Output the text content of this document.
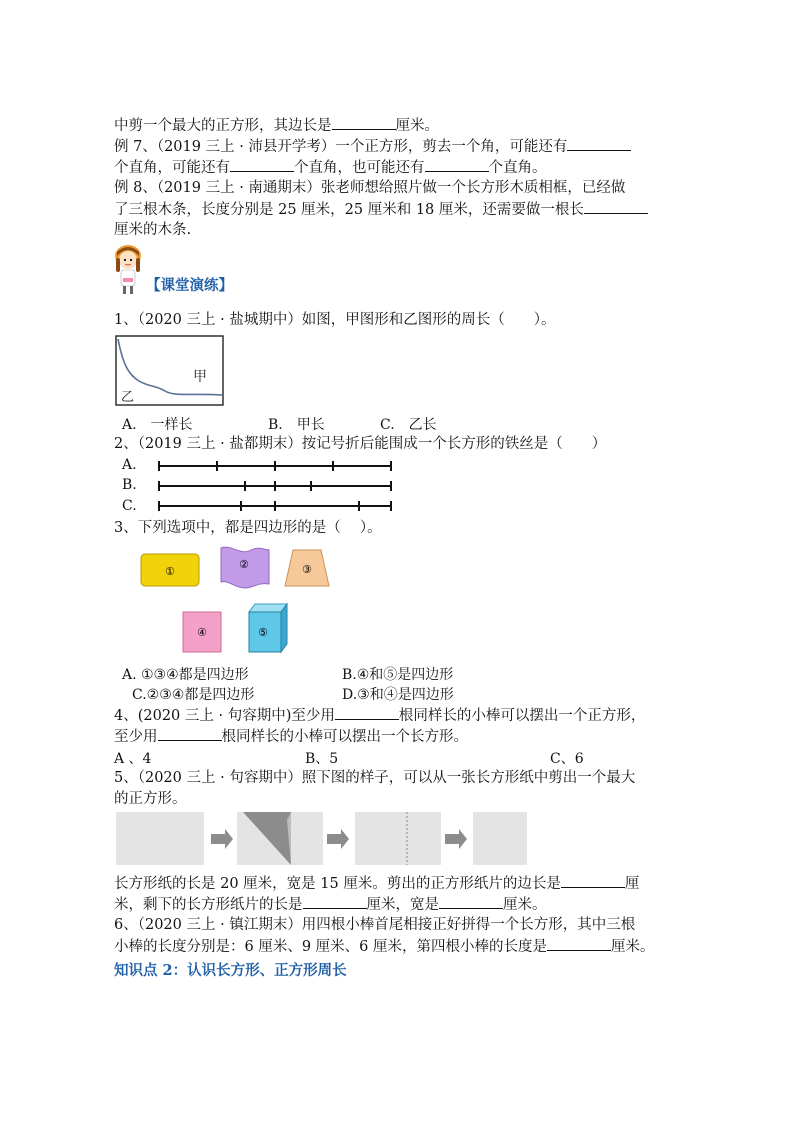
中剪一个最大的正方形，其边长是	厘米。
例 7、（2019 三上 · 沛县开学考）一个正方形，剪去一个角，可能还有
个直角，可能还有	个直角，也可能还有	个直角。
例 8、（2019 三上 · 南通期末）张老师想给照片做一个长方形木质相框，已经做
了三根木条，长度分别是 25 厘米，25 厘米和 18 厘米，还需要做一根长
厘米的木条.
【课堂演练】
1、（2020 三上 · 盐城期中）如图，甲图形和乙图形的周长（　　）。
甲
乙
A.　一样长	B.　甲长	C.　乙长
2、（2019 三上 · 盐都期末）按记号折后能围成一个长方形的铁丝是（　　）
A.
B.
C.
3、下列选项中，都是四边形的是（　 ）。
①
②	③
④	⑤
A. ①③④都是四边形	B.④和⑤是四边形
C.②③④都是四边形	D.③和④是四边形
4、(2020 三上 · 句容期中)至少用	根同样长的小棒可以摆出一个正方形，
至少用	根同样长的小棒可以摆出一个长方形。
A 、4	B、5	C、6
5、（2020 三上 · 句容期中）照下图的样子，可以从一张长方形纸中剪出一个最大
的正方形。
长方形纸的长是 20 厘米，宽是 15 厘米。剪出的正方形纸片的边长是	厘
米，剩下的长方形纸片的长是	厘米，宽是	厘米。
6、（2020 三上 · 镇江期末）用四根小棒首尾相接正好拼得一个长方形，其中三根
小棒的长度分别是：6 厘米、9 厘米、6 厘米，第四根小棒的长度是	厘米。
知识点 2：认识长方形、正方形周长
